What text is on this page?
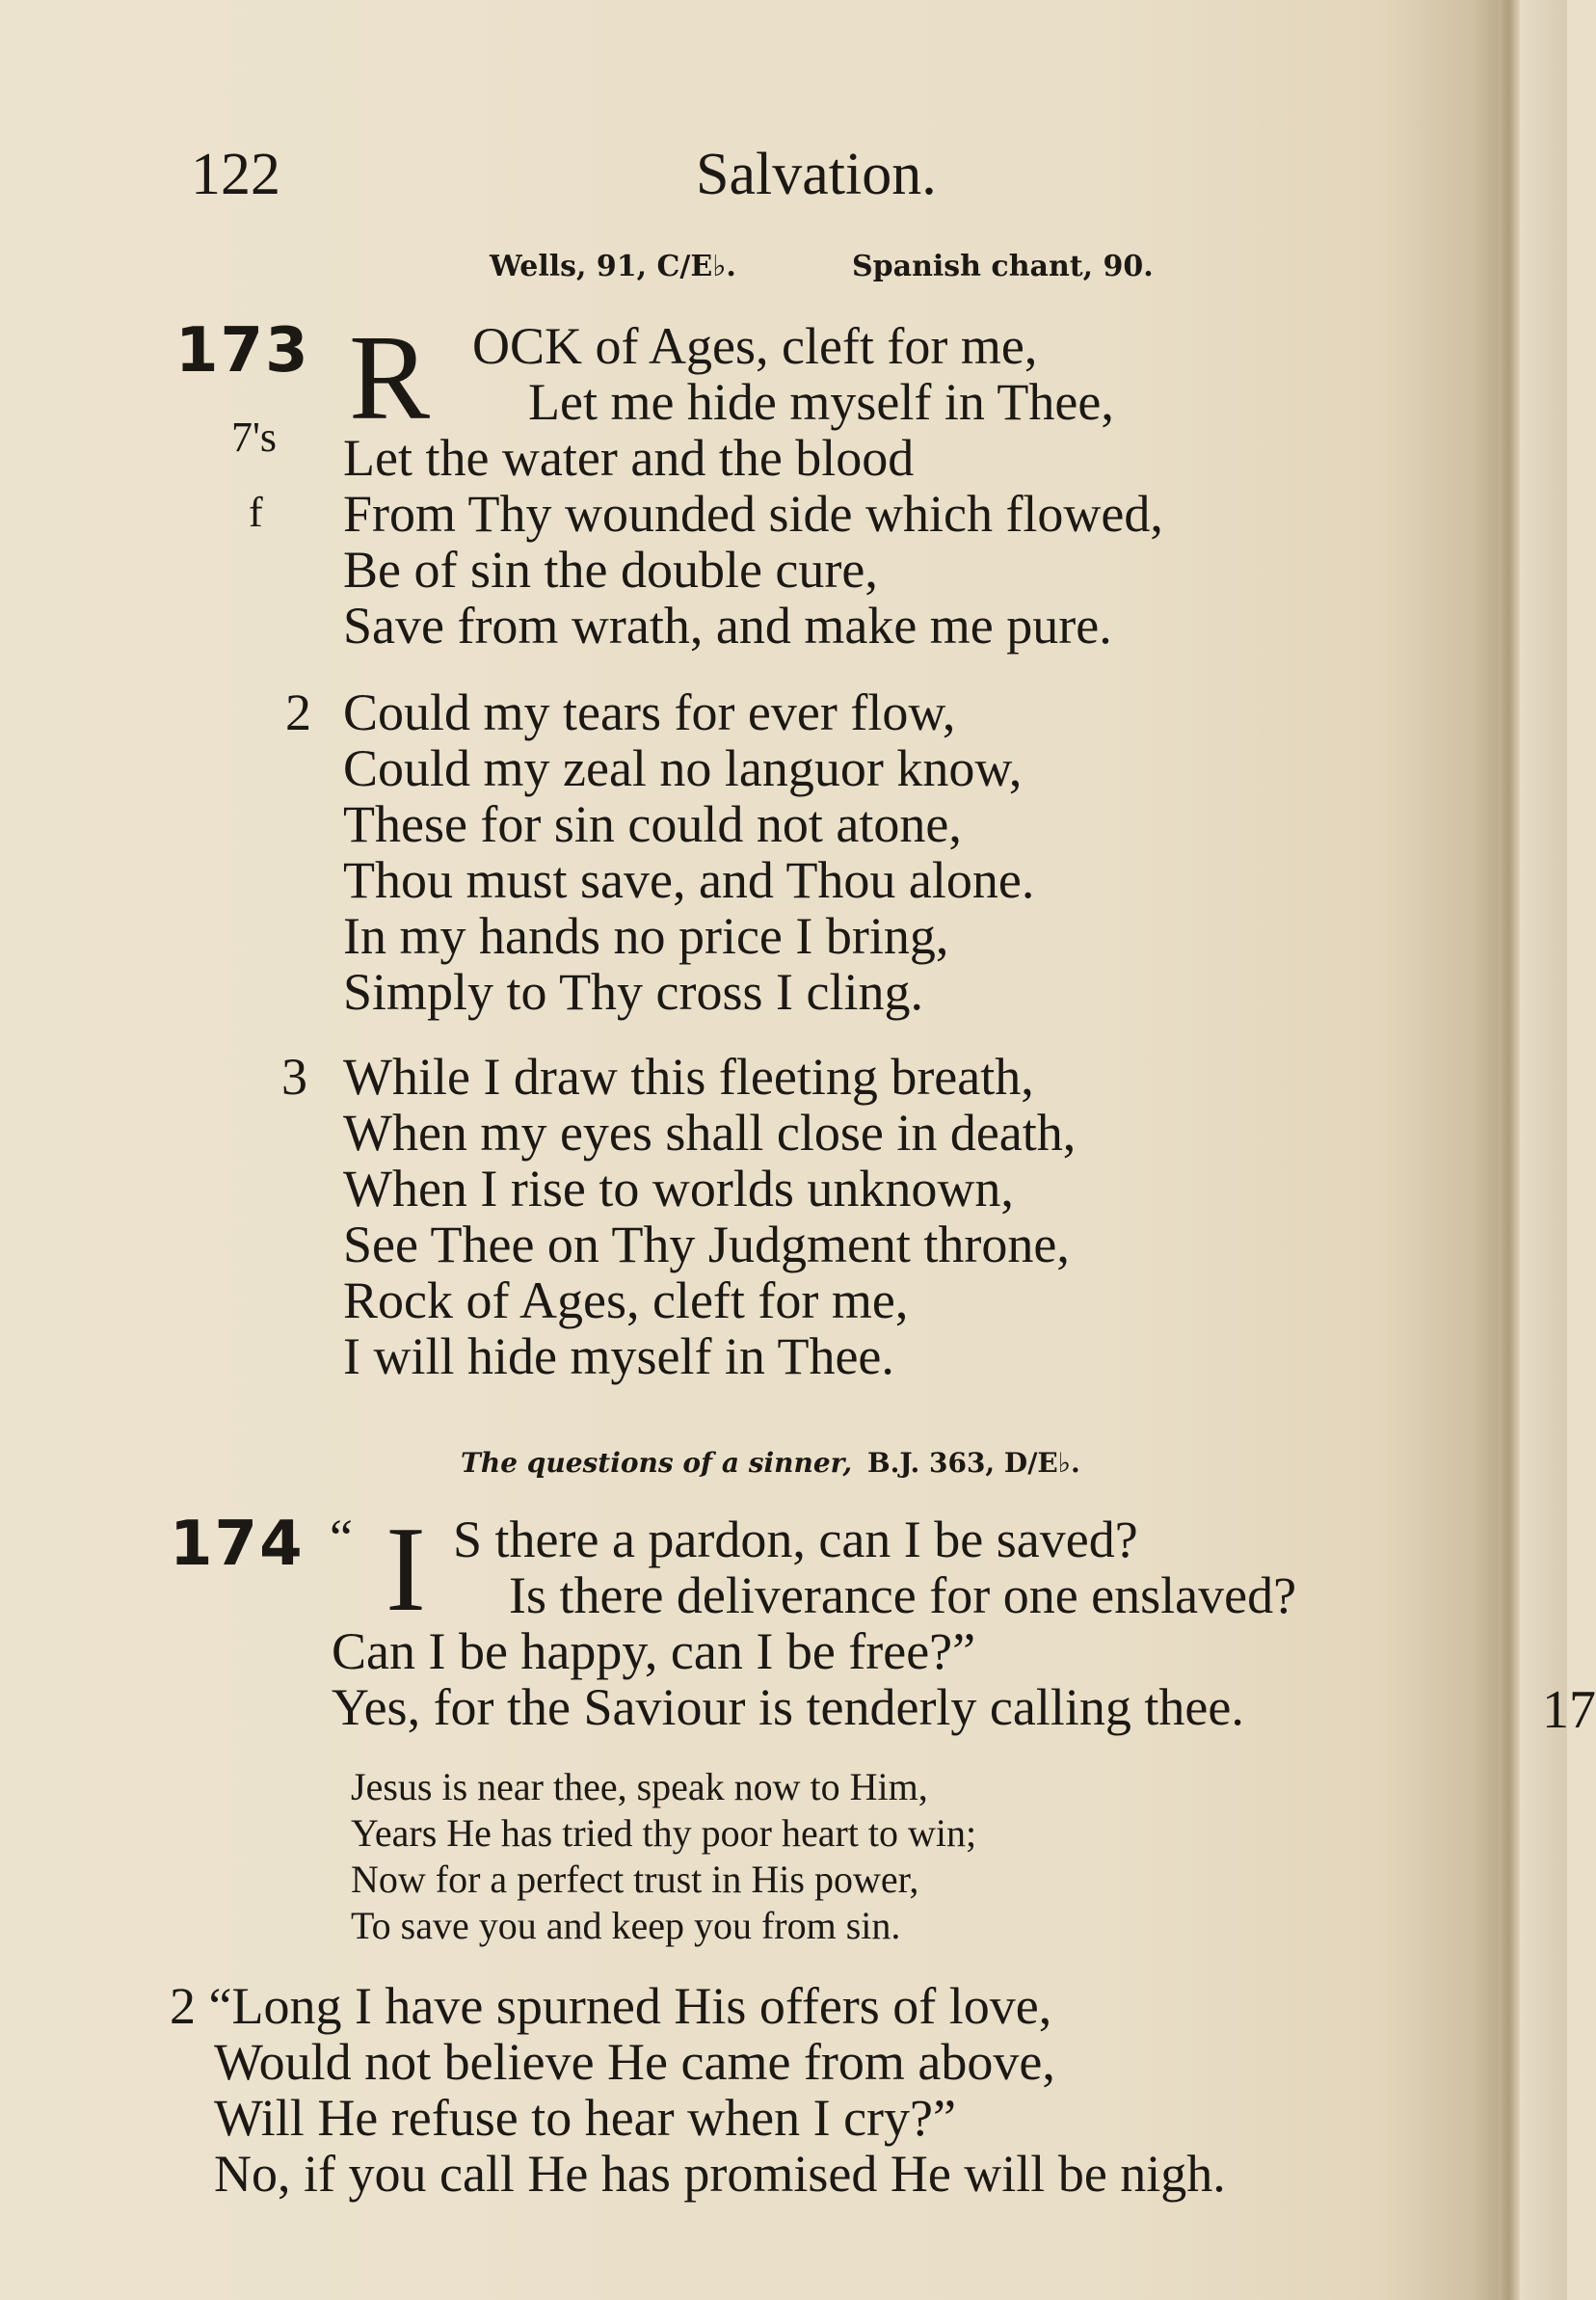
122	Salvation.
Wells, 91, C/E♭.	Spanish chant, 90.
173
7's
f
R OCK of Ages, cleft for me,
Let me hide myself in Thee,
Let the water and the blood
From Thy wounded side which flowed,
Be of sin the double cure,
Save from wrath, and make me pure.
2 Could my tears for ever flow,
Could my zeal no languor know,
These for sin could not atone,
Thou must save, and Thou alone.
In my hands no price I bring,
Simply to Thy cross I cling.
3 While I draw this fleeting breath,
When my eyes shall close in death,
When I rise to worlds unknown,
See Thee on Thy Judgment throne,
Rock of Ages, cleft for me,
I will hide myself in Thee.
The questions of a sinner, B.J. 363, D/E♭.
174 “ I S there a pardon, can I be saved?
Is there deliverance for one enslaved?
Can I be happy, can I be free?”
Yes, for the Saviour is tenderly calling thee.
Jesus is near thee, speak now to Him,
Years He has tried thy poor heart to win;
Now for a perfect trust in His power,
To save you and keep you from sin.
2 “Long I have spurned His offers of love,
Would not believe He came from above,
Will He refuse to hear when I cry?”
No, if you call He has promised He will be nigh.
17
